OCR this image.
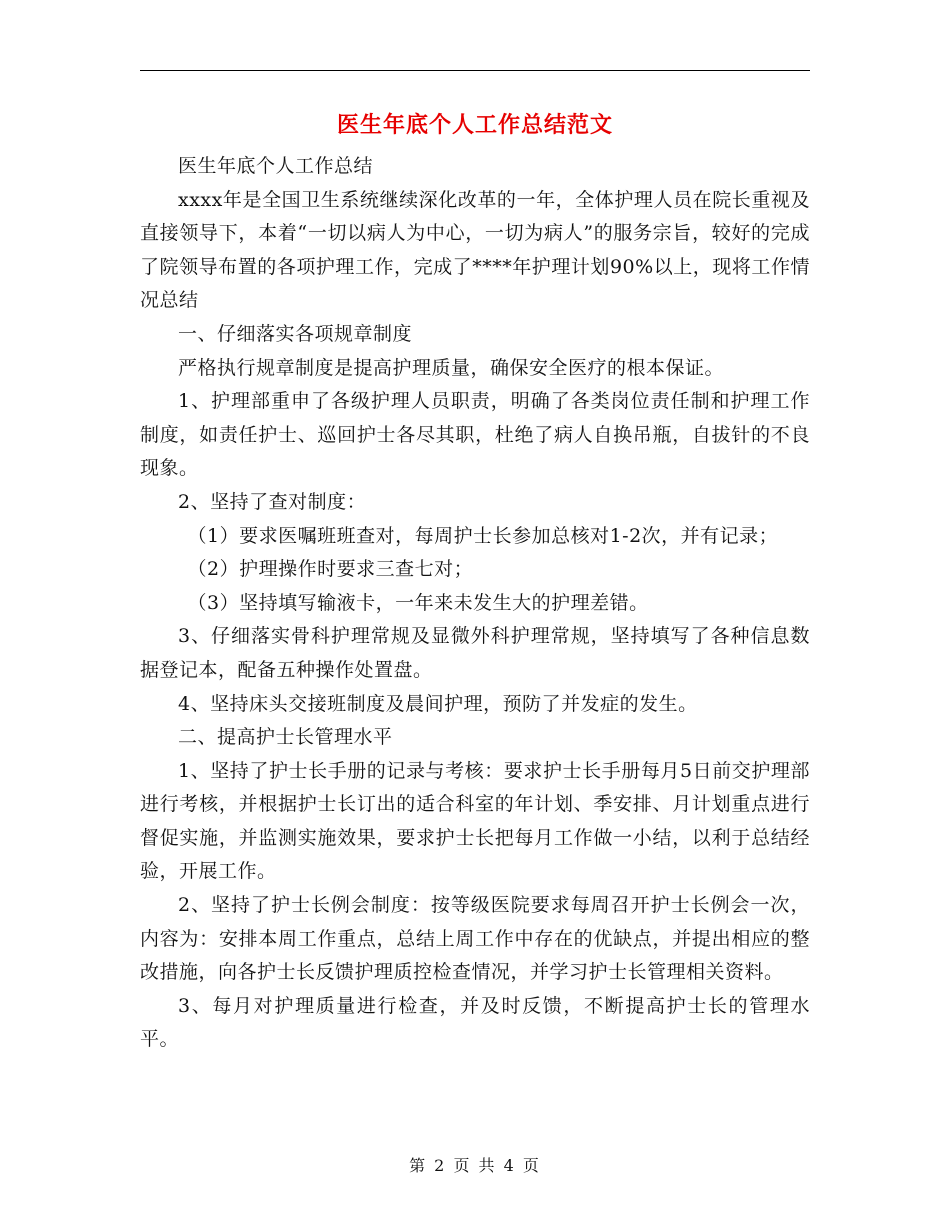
医生年底个人工作总结范文

医生年底个人工作总结

xxxx年是全国卫生系统继续深化改革的一年，全体护理人员在院长重视及直接领导下，本着“一切以病人为中心，一切为病人”的服务宗旨，较好的完成了院领导布置的各项护理工作，完成了****年护理计划90%以上，现将工作情况总结

一、仔细落实各项规章制度

严格执行规章制度是提高护理质量，确保安全医疗的根本保证。

1、护理部重申了各级护理人员职责，明确了各类岗位责任制和护理工作制度，如责任护士、巡回护士各尽其职，杜绝了病人自换吊瓶，自拔针的不良现象。

2、坚持了查对制度：

（1）要求医嘱班班查对，每周护士长参加总核对1-2次，并有记录；

（2）护理操作时要求三查七对；

（3）坚持填写输液卡，一年来未发生大的护理差错。

3、仔细落实骨科护理常规及显微外科护理常规，坚持填写了各种信息数据登记本，配备五种操作处置盘。

4、坚持床头交接班制度及晨间护理，预防了并发症的发生。

二、提高护士长管理水平

1、坚持了护士长手册的记录与考核：要求护士长手册每月5日前交护理部进行考核，并根据护士长订出的适合科室的年计划、季安排、月计划重点进行督促实施，并监测实施效果，要求护士长把每月工作做一小结，以利于总结经验，开展工作。

2、坚持了护士长例会制度：按等级医院要求每周召开护士长例会一次，内容为：安排本周工作重点，总结上周工作中存在的优缺点，并提出相应的整改措施，向各护士长反馈护理质控检查情况，并学习护士长管理相关资料。

3、每月对护理质量进行检查，并及时反馈，不断提高护士长的管理水平。

第 2 页 共 4 页
